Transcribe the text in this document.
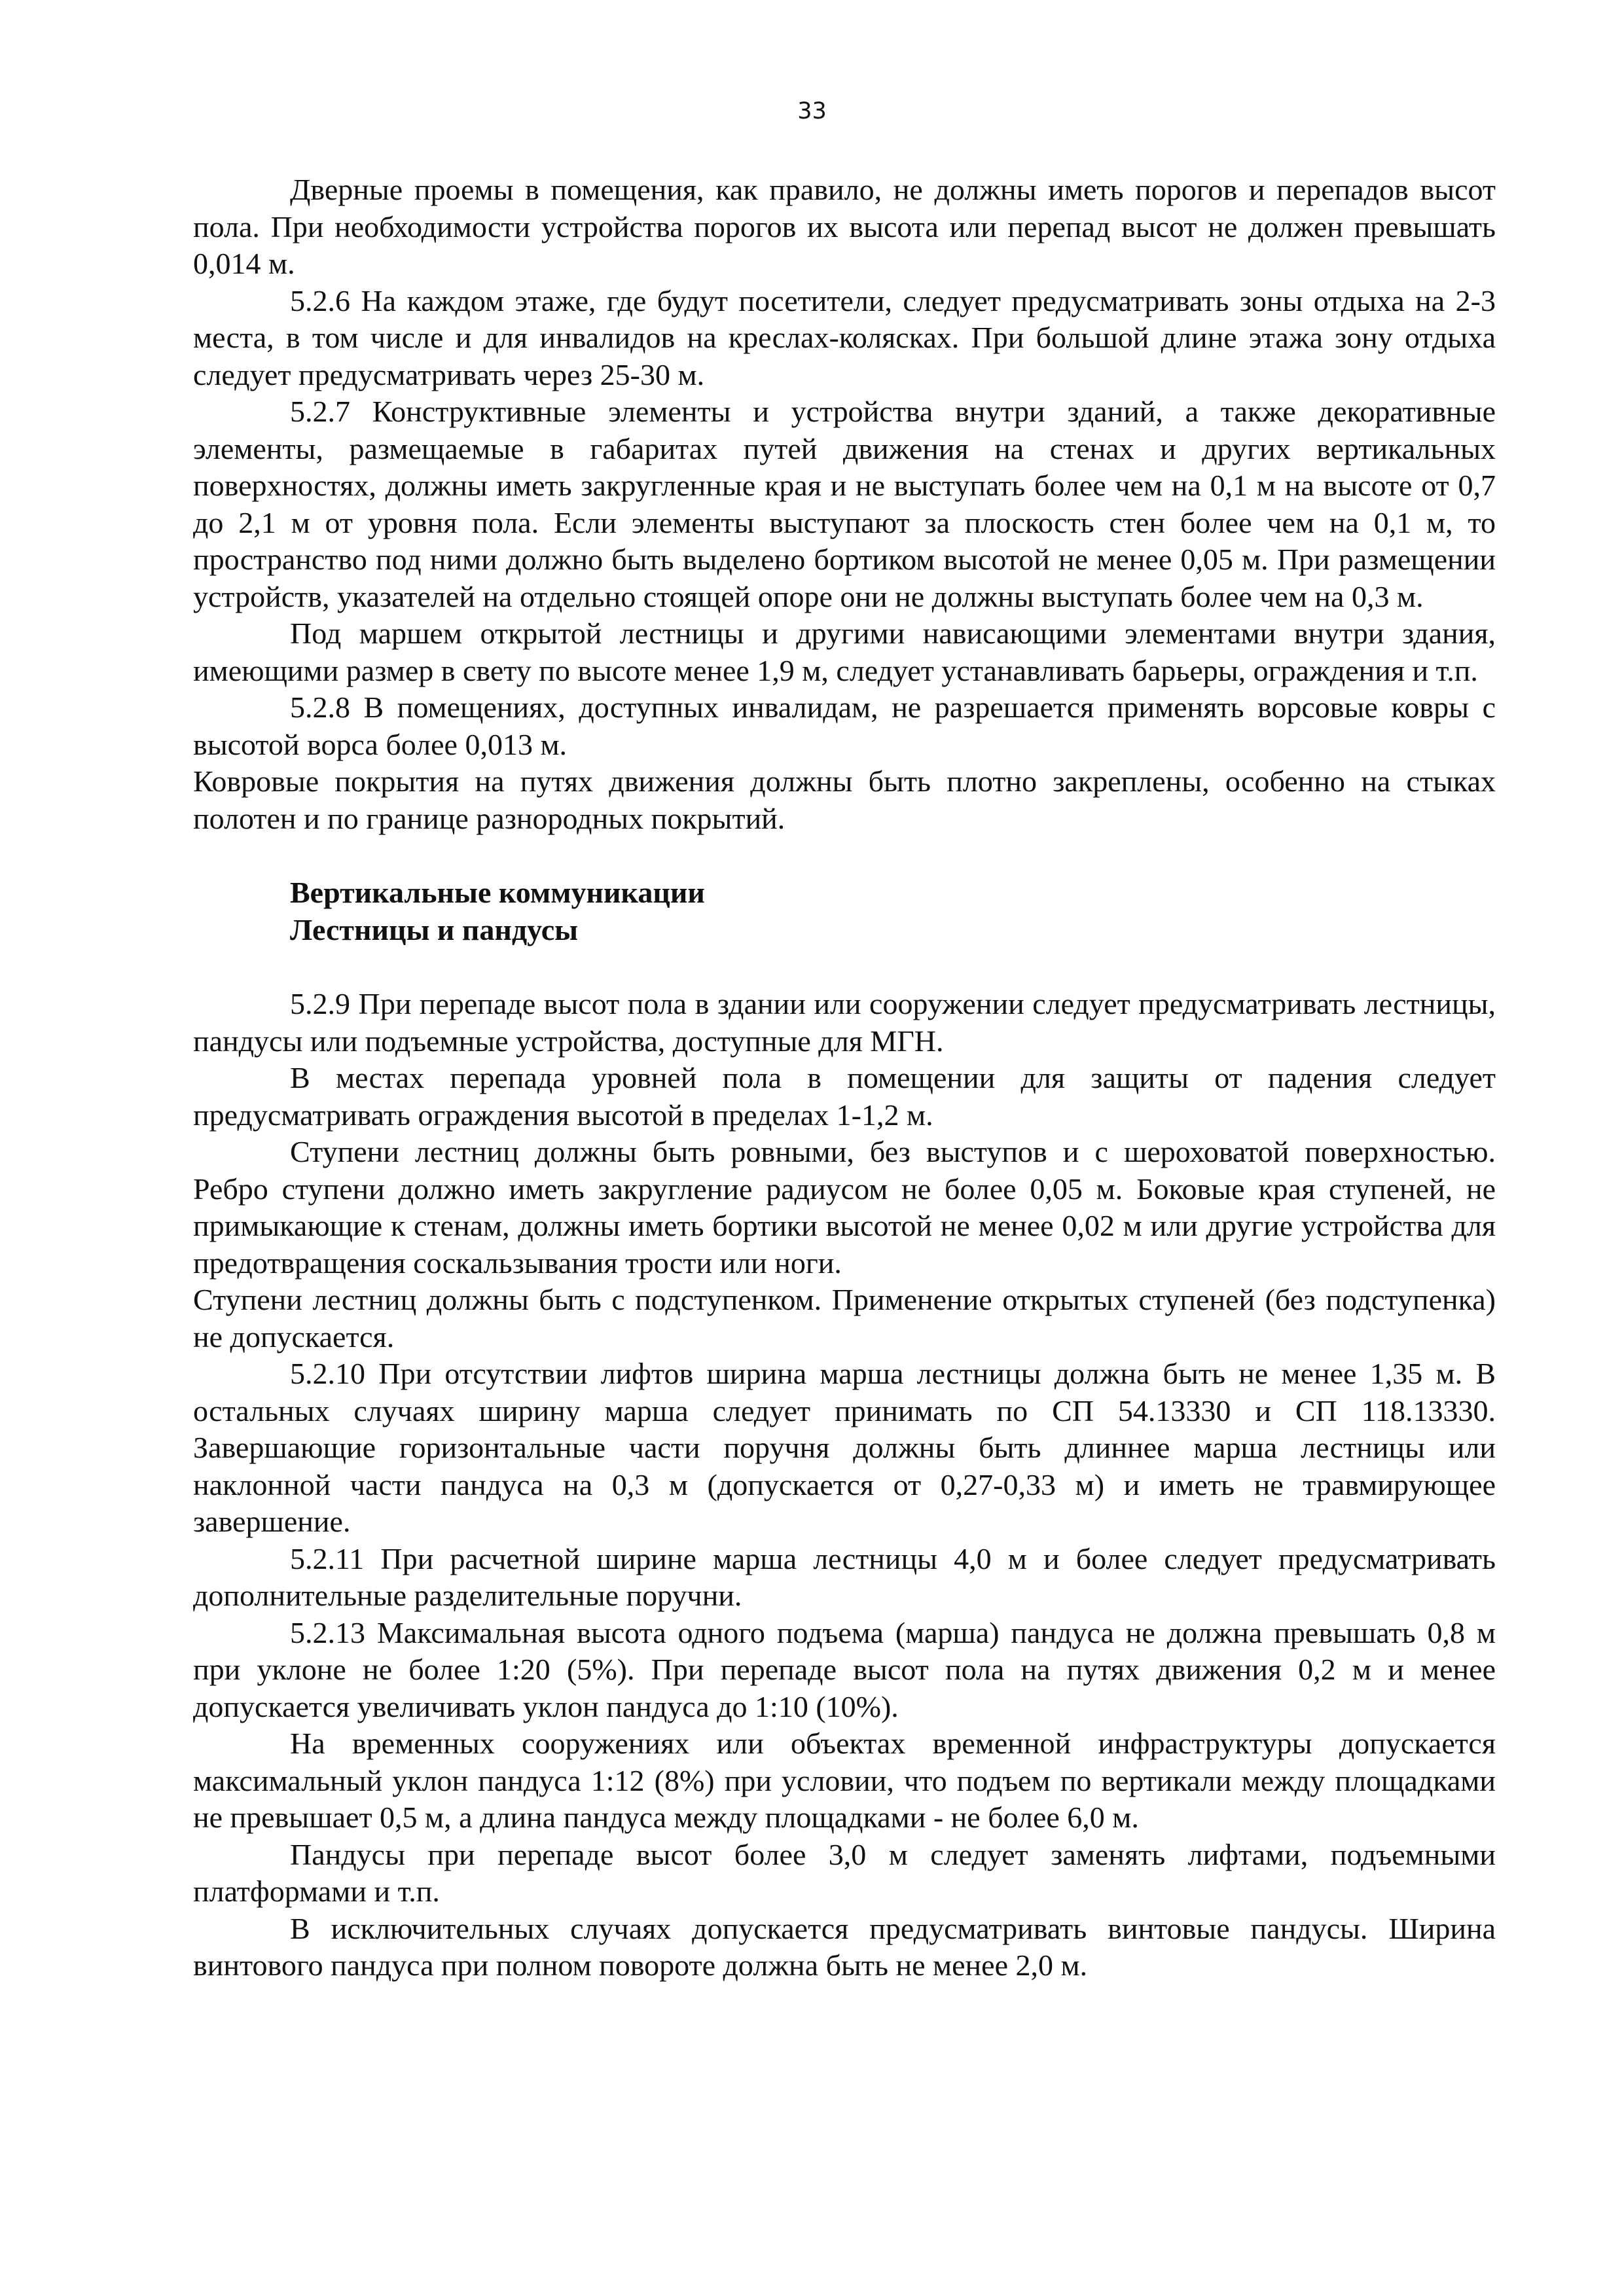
33

Дверные проемы в помещения, как правило, не должны иметь порогов и перепадов высот пола. При необходимости устройства порогов их высота или перепад высот не должен превышать 0,014 м.

5.2.6 На каждом этаже, где будут посетители, следует предусматривать зоны отдыха на 2-3 места, в том числе и для инвалидов на креслах-колясках. При большой длине этажа зону отдыха следует предусматривать через 25-30 м.

5.2.7 Конструктивные элементы и устройства внутри зданий, а также декоративные элементы, размещаемые в габаритах путей движения на стенах и других вертикальных поверхностях, должны иметь закругленные края и не выступать более чем на 0,1 м на высоте от 0,7 до 2,1 м от уровня пола. Если элементы выступают за плоскость стен более чем на 0,1 м, то пространство под ними должно быть выделено бортиком высотой не менее 0,05 м. При размещении устройств, указателей на отдельно стоящей опоре они не должны выступать более чем на 0,3 м.

Под маршем открытой лестницы и другими нависающими элементами внутри здания, имеющими размер в свету по высоте менее 1,9 м, следует устанавливать барьеры, ограждения и т.п.

5.2.8 В помещениях, доступных инвалидам, не разрешается применять ворсовые ковры с высотой ворса более 0,013 м.

Ковровые покрытия на путях движения должны быть плотно закреплены, особенно на стыках полотен и по границе разнородных покрытий.

Вертикальные коммуникации
Лестницы и пандусы

5.2.9 При перепаде высот пола в здании или сооружении следует предусматривать лестницы, пандусы или подъемные устройства, доступные для МГН.

В местах перепада уровней пола в помещении для защиты от падения следует предусматривать ограждения высотой в пределах 1-1,2 м.

Ступени лестниц должны быть ровными, без выступов и с шероховатой поверхностью. Ребро ступени должно иметь закругление радиусом не более 0,05 м. Боковые края ступеней, не примыкающие к стенам, должны иметь бортики высотой не менее 0,02 м или другие устройства для предотвращения соскальзывания трости или ноги.

Ступени лестниц должны быть с подступенком. Применение открытых ступеней (без подступенка) не допускается.

5.2.10 При отсутствии лифтов ширина марша лестницы должна быть не менее 1,35 м. В остальных случаях ширину марша следует принимать по СП 54.13330 и СП 118.13330. Завершающие горизонтальные части поручня должны быть длиннее марша лестницы или наклонной части пандуса на 0,3 м (допускается от 0,27-0,33 м) и иметь не травмирующее завершение.

5.2.11 При расчетной ширине марша лестницы 4,0 м и более следует предусматривать дополнительные разделительные поручни.

5.2.13 Максимальная высота одного подъема (марша) пандуса не должна превышать 0,8 м при уклоне не более 1:20 (5%). При перепаде высот пола на путях движения 0,2 м и менее допускается увеличивать уклон пандуса до 1:10 (10%).

На временных сооружениях или объектах временной инфраструктуры допускается максимальный уклон пандуса 1:12 (8%) при условии, что подъем по вертикали между площадками не превышает 0,5 м, а длина пандуса между площадками - не более 6,0 м.

Пандусы при перепаде высот более 3,0 м следует заменять лифтами, подъемными платформами и т.п.

В исключительных случаях допускается предусматривать винтовые пандусы. Ширина винтового пандуса при полном повороте должна быть не менее 2,0 м.
